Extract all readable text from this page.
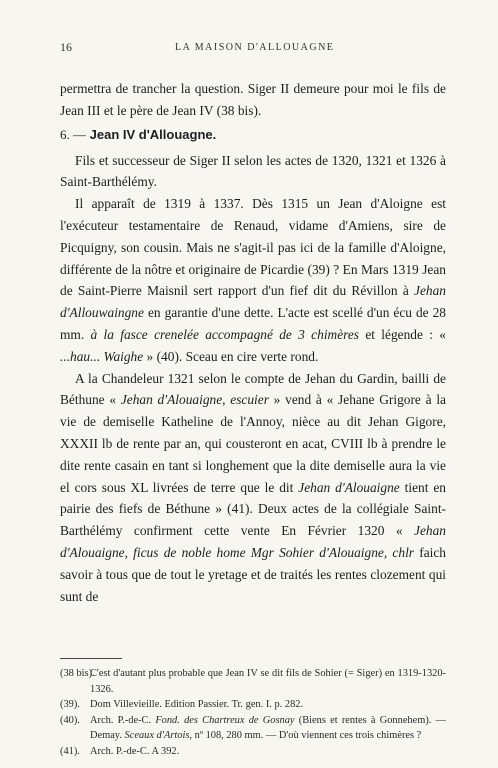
16	LA MAISON D'ALLOUAGNE

permettra de trancher la question. Siger II demeure pour moi le fils de Jean III et le père de Jean IV (38 bis).

6. — Jean IV d'Allouagne.

Fils et successeur de Siger II selon les actes de 1320, 1321 et 1326 à Saint-Barthélémy.

Il apparaît de 1319 à 1337. Dès 1315 un Jean d'Aloigne est l'exécuteur testamentaire de Renaud, vidame d'Amiens, sire de Picquigny, son cousin. Mais ne s'agit-il pas ici de la famille d'Aloigne, différente de la nôtre et originaire de Picardie (39) ? En Mars 1319 Jean de Saint-Pierre Maisnil sert rapport d'un fief dit du Révillon à Jehan d'Allouwaingne en garantie d'une dette. L'acte est scellé d'un écu de 28 mm. à la fasce crenelée accompagné de 3 chimères et légende : « ...hau... Waighe » (40). Sceau en cire verte rond.

A la Chandeleur 1321 selon le compte de Jehan du Gardin, bailli de Béthune « Jehan d'Alouaigne, escuier » vend à « Jehane Grigore à la vie de demiselle Katheline de l'Annoy, nièce au dit Jehan Gigore, XXXII lb de rente par an, qui cousteront en acat, CVIII lb à prendre le dite rente casain en tant si longhement que la dite demiselle aura la vie el cors sous XL livrées de terre que le dit Jehan d'Alouaigne tient en pairie des fiefs de Béthune » (41). Deux actes de la collégiale Saint-Barthélémy confirment cette vente En Février 1320 « Jehan d'Alouaigne, ficus de noble home Mgr Sohier d'Alouaigne, chlr faich savoir à tous que de tout le yretage et de traités les rentes clozement qui sunt de

(38 bis).
C'est d'autant plus probable que Jean IV se dit fils de Sohier (= Siger) en 1319-1320-1326.
(39). Dom Villevieille. Edition Passier. Tr. gen. I. p. 282.
(40). Arch. P.-de-C. Fond. des Chartreux de Gosnay (Biens et rentes à Gonnehem). — Demay. Sceaux d'Artois, nº 108, 280 mm. — D'où viennent ces trois chimères ?
(41). Arch. P.-de-C. A 392.
